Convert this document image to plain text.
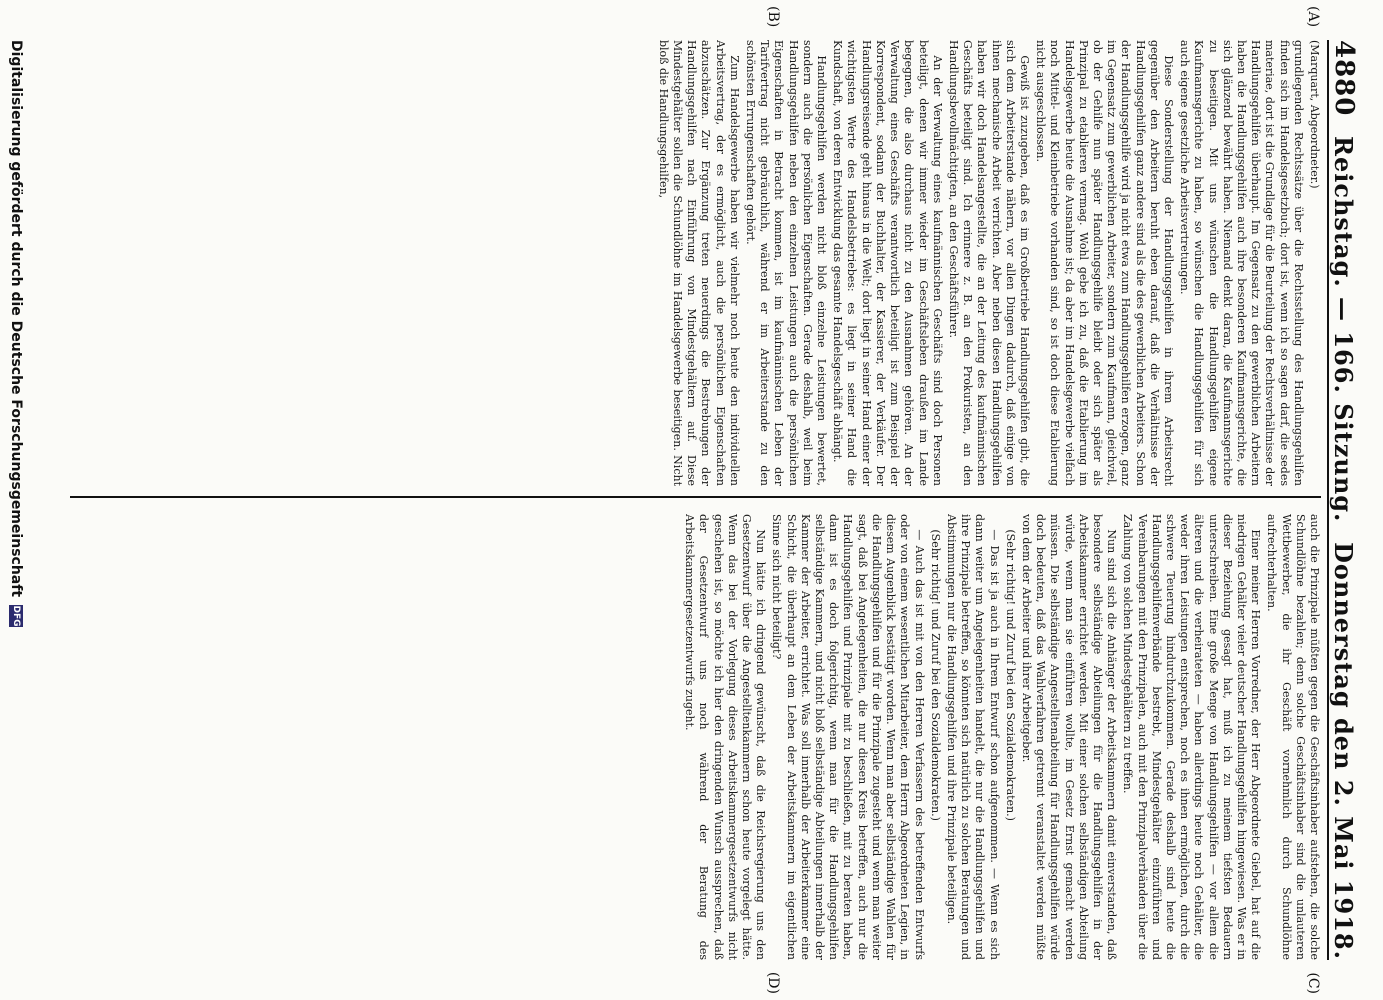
4880
Reichstag. — 166. Sitzung.
Donnerstag den 2. Mai 1918.
(A)
(B)
(C)
(D)

(Marquart, Abgeordneter.)

grundlegenden Rechtssätze über die Rechtsstellung des Handlungsgehilfen finden sich im Handelsgesetzbuch; dort ist, wenn ich so sagen darf, die sedes materiae, dort ist die Grundlage für die Beurteilung der Rechtsverhältnisse der Handlungsgehilfen überhaupt. Im Gegensatz zu den gewerblichen Arbeitern haben die Handlungsgehilfen auch ihre besonderen Kaufmannsgerichte, die sich glänzend bewährt haben. Niemand denkt daran, die Kaufmannsgerichte zu beseitigen. Mit uns wünschen die Handlungsgehilfen eigene Kaufmannsgerichte zu haben, so wünschen die Handlungsgehilfen für sich auch eigene gesetzliche Arbeitsvertretungen.

Diese Sonderstellung der Handlungsgehilfen in ihrem Arbeitsrecht gegenüber den Arbeitern beruht eben darauf, daß die Verhältnisse der Handlungsgehilfen ganz andere sind als die des gewerblichen Arbeiters. Schon der Handlungsgehilfe wird ja nicht etwa zum Handlungsgehilfen erzogen, ganz im Gegensatz zum gewerblichen Arbeiter, sondern zum Kaufmann, gleichviel, ob der Gehilfe nun später Handlungsgehilfe bleibt oder sich später als Prinzipal zu etablieren vermag. Wohl gebe ich zu, daß die Etablierung im Handelsgewerbe heute die Ausnahme ist; da aber im Handelsgewerbe vielfach noch Mittel- und Kleinbetriebe vorhanden sind, so ist doch diese Etablierung nicht ausgeschlossen.

Gewiß ist zuzugeben, daß es im Großbetriebe Handlungsgehilfen gibt, die sich dem Arbeiterstande nähern, vor allen Dingen dadurch, daß einige von ihnen mechanische Arbeit verrichten. Aber neben diesen Handlungsgehilfen haben wir doch Handelsangestellte, die an der Leitung des kaufmännischen Geschäfts beteiligt sind. Ich erinnere z. B. an den Prokuristen, an den Handlungsbevollmächtigten, an den Geschäftsführer.

An der Verwaltung eines kaufmännischen Geschäfts sind doch Personen beteiligt, denen wir immer wieder im Geschäftsleben draußen im Lande begegnen, die also durchaus nicht zu den Ausnahmen gehören. An der Verwaltung eines Geschäfts verantwortlich beteiligt ist zum Beispiel der Korrespondent, sodann der Buchhalter, der Kassierer, der Verkäufer. Der Handlungsreisende geht hinaus in die Welt; dort liegt in seiner Hand einer der wichtigsten Werte des Handelsbetriebes: es liegt in seiner Hand die Kundschaft, von deren Entwicklung das gesamte Handelsgeschäft abhängt.

Handlungsgehilfen werden nicht bloß einzelne Leistungen bewertet, sondern auch die persönlichen Eigenschaften. Gerade deshalb, weil beim Handlungsgehilfen neben den einzelnen Leistungen auch die persönlichen Eigenschaften in Betracht kommen, ist im kaufmännischen Leben der Tarifvertrag nicht gebräuchlich, während er im Arbeiterstande zu den schönsten Errungenschaften gehört.

Zum Handelsgewerbe haben wir vielmehr noch heute den individuellen Arbeitsvertrag, der es ermöglicht, auch die persönlichen Eigenschaften abzuschätzen. Zur Ergänzung treten neuerdings die Bestrebungen der Handlungsgehilfen nach Einführung von Mindestgehältern auf. Diese Mindestgehälter sollen die Schundlöhne im Handelsgewerbe beseitigen. Nicht bloß die Handlungsgehilfen,

auch die Prinzipale müßten gegen die Geschäftsinhaber aufstehen, die solche Schundlöhne bezahlen; denn solche Geschäftsinhaber sind die unlauteren Wettbewerber, die ihr Geschäft vornehmlich durch Schundlöhne aufrechterhalten.

Einer meiner Herren Vorredner, der Herr Abgeordnete Giebel, hat auf die niedrigen Gehälter vieler deutscher Handlungsgehilfen hingewiesen. Was er in dieser Beziehung gesagt hat, muß ich zu meinem tiefsten Bedauern unterschreiben. Eine große Menge von Handlungsgehilfen — vor allem die älteren und die verheirateten — haben allerdings heute noch Gehälter, die weder ihren Leistungen entsprechen, noch es ihnen ermöglichen, durch die schwere Teuerung hindurchzukommen. Gerade deshalb sind heute die Handlungsgehilfenverbände bestrebt, Mindestgehälter einzuführen und Vereinbarungen mit den Prinzipalen, auch mit den Prinzipalverbänden über die Zahlung von solchen Mindestgehältern zu treffen.

Nun sind sich die Anhänger der Arbeitskammern damit einverstanden, daß besondere selbständige Abteilungen für die Handlungsgehilfen in der Arbeitskammer errichtet werden. Mit einer solchen selbständigen Abteilung würde, wenn man sie einführen wollte, im Gesetz Ernst gemacht werden müssen. Die selbständige Angestelltenabteilung für Handlungsgehilfen würde doch bedeuten, daß das Wahlverfahren getrennt veranstaltet werden müßte von dem der Arbeiter und ihrer Arbeitgeber.

(Sehr richtig! und Zuruf bei den Sozialdemokraten.)

— Das ist ja auch in Ihrem Entwurf schon aufgenommen. — Wenn es sich dann weiter um Angelegenheiten handelt, die nur die Handlungsgehilfen und ihre Prinzipale betreffen, so könnten sich natürlich zu solchen Beratungen und Abstimmungen nur die Handlungsgehilfen und ihre Prinzipale beteiligen.

(Sehr richtig! und Zuruf bei den Sozialdemokraten.)

— Auch das ist mit von den Herren Verfassern des betreffenden Entwurfs oder von einem wesentlichen Mitarbeiter, dem Herrn Abgeordneten Legien, in diesem Augenblick bestätigt worden. Wenn man aber selbständige Wahlen für die Handlungsgehilfen und für die Prinzipale zugesteht und wenn man weiter sagt, daß bei Angelegenheiten, die nur diesen Kreis betreffen, auch nur die Handlungsgehilfen und Prinzipale mit zu beschließen, mit zu beraten haben, dann ist es doch folgerichtig, wenn man für die Handlungsgehilfen selbständige Kammern, und nicht bloß selbständige Abteilungen innerhalb der Kammer der Arbeiter, errichtet. Was soll innerhalb der Arbeiterkammer eine Schicht, die überhaupt an dem Leben der Arbeitskammern im eigentlichen Sinne sich nicht beteiligt?

Nun hätte ich dringend gewünscht, daß die Reichsregierung uns den Gesetzentwurf über die Angestelltenkammern schon heute vorgelegt hätte. Wenn das bei der Vorlegung dieses Arbeitskammergesetzentwurfs nicht geschehen ist, so möchte ich hier den dringenden Wunsch aussprechen, daß der Gesetzentwurf uns noch während der Beratung des Arbeitskammergesetzentwurfs zugeht.

Digitalisierung gefördert durch die Deutsche Forschungsgemeinschaft
DFG
